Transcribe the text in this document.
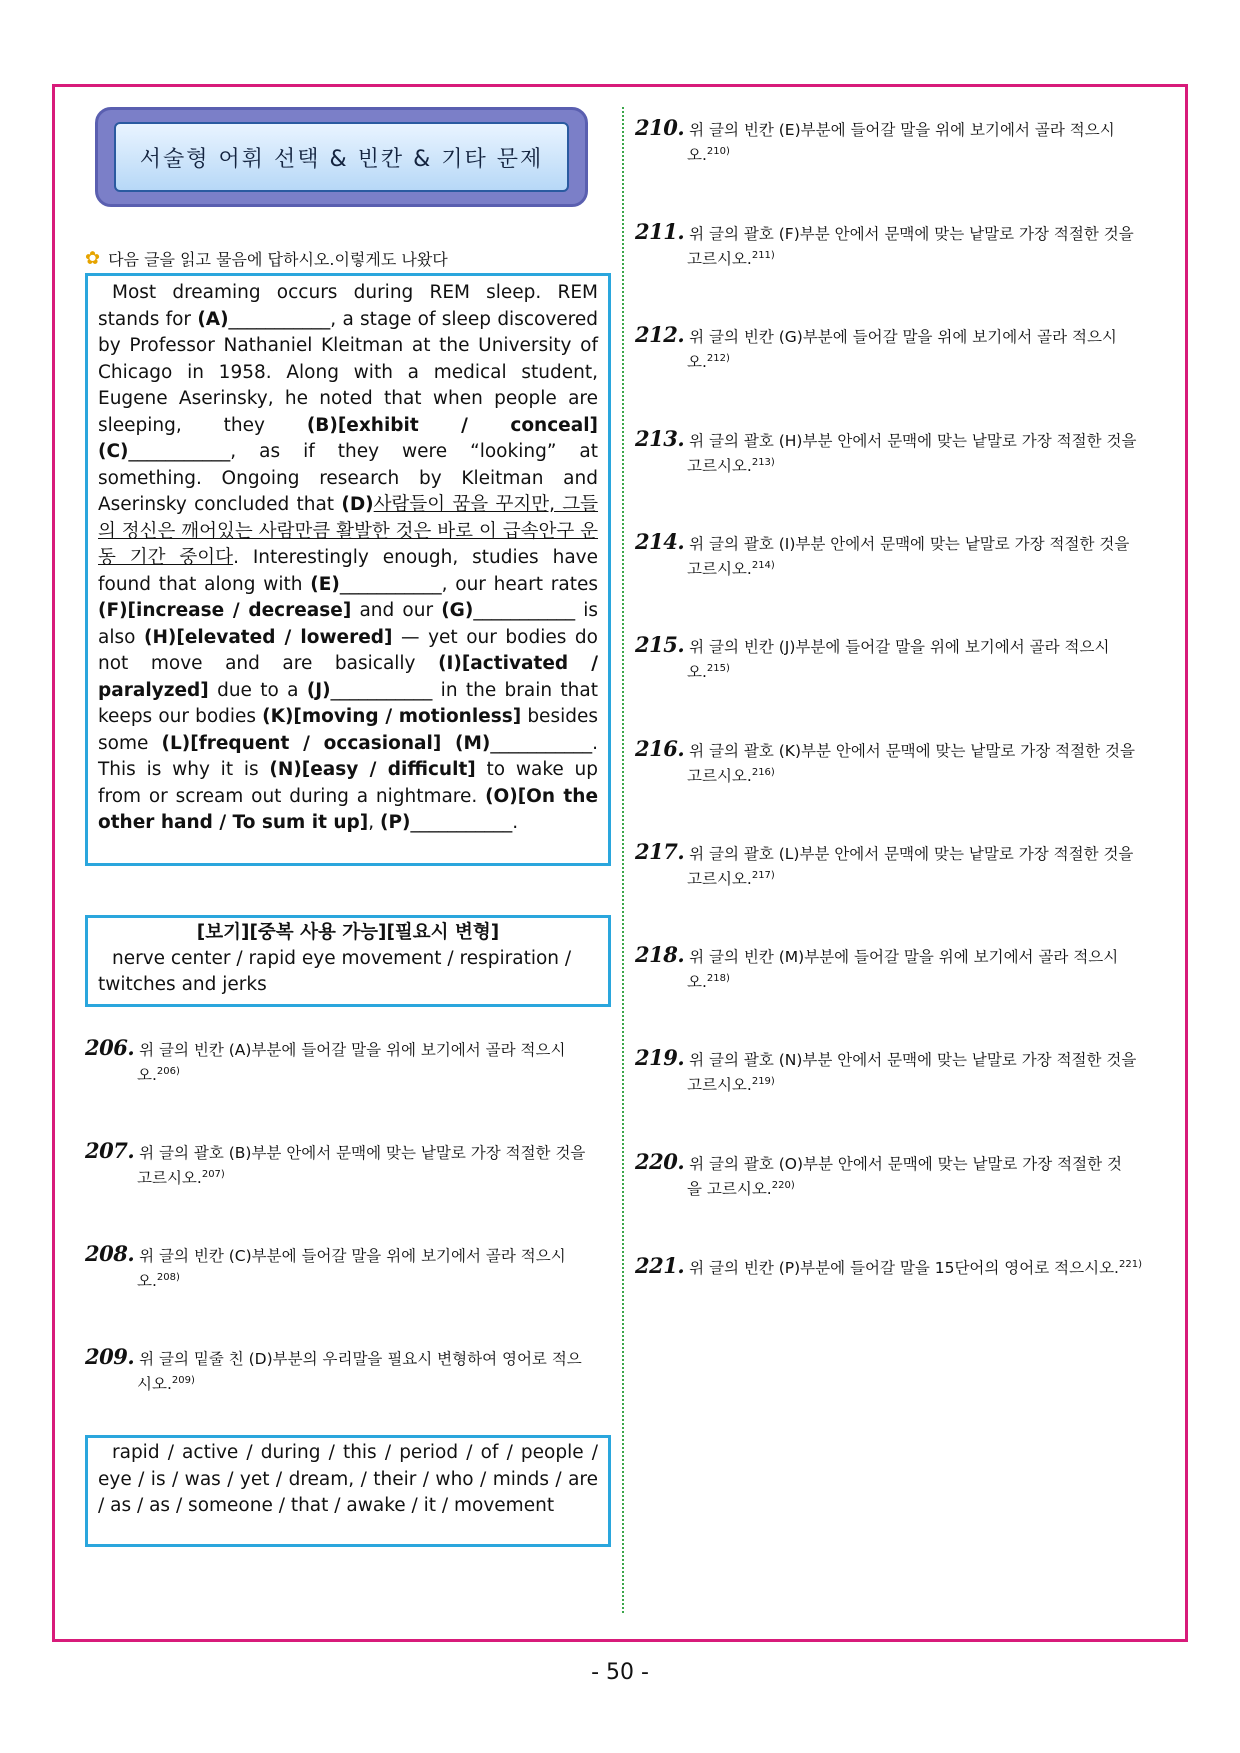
서술형 어휘 선택 & 빈칸 & 기타 문제
✿ 다음 글을 읽고 물음에 답하시오.이렇게도 나왔다

Most dreaming occurs during REM sleep. REM stands for (A)___________, a stage of sleep discovered by Professor Nathaniel Kleitman at the University of Chicago in 1958. Along with a medical student, Eugene Aserinsky, he noted that when people are sleeping, they (B)[exhibit / conceal] (C)___________, as if they were “looking” at something. Ongoing research by Kleitman and Aserinsky concluded that (D)사람들이 꿈을 꾸지만, 그들의 정신은 깨어있는 사람만큼 활발한 것은 바로 이 급속안구 운동 기간 중이다. Interestingly enough, studies have found that along with (E)___________, our heart rates (F)[increase / decrease] and our (G)___________ is also (H)[elevated / lowered] — yet our bodies do not move and are basically (I)[activated / paralyzed] due to a (J)___________ in the brain that keeps our bodies (K)[moving / motionless] besides some (L)[frequent / occasional] (M)___________. This is why it is (N)[easy / difficult] to wake up from or scream out during a nightmare. (O)[On the other hand / To sum it up], (P)___________.

[보기][중복 사용 가능][필요시 변형]
nerve center / rapid eye movement / respiration / twitches and jerks
206. 위 글의 빈칸 (A)부분에 들어갈 말을 위에 보기에서 골라 적으시
오.$^{206)}$
207. 위 글의 괄호 (B)부분 안에서 문맥에 맞는 낱말로 가장 적절한 것을
고르시오.$^{207)}$
208. 위 글의 빈칸 (C)부분에 들어갈 말을 위에 보기에서 골라 적으시
오.$^{208)}$
209. 위 글의 밑줄 친 (D)부분의 우리말을 필요시 변형하여 영어로 적으
시오.$^{209)}$
rapid / active / during / this / period / of / people / eye / is / was / yet / dream, / their / who / minds / are / as / as / someone / that / awake / it / movement
210. 위 글의 빈칸 (E)부분에 들어갈 말을 위에 보기에서 골라 적으시
오.$^{210)}$
211. 위 글의 괄호 (F)부분 안에서 문맥에 맞는 낱말로 가장 적절한 것을
고르시오.$^{211)}$
212. 위 글의 빈칸 (G)부분에 들어갈 말을 위에 보기에서 골라 적으시
오.$^{212)}$
213. 위 글의 괄호 (H)부분 안에서 문맥에 맞는 낱말로 가장 적절한 것을
고르시오.$^{213)}$
214. 위 글의 괄호 (I)부분 안에서 문맥에 맞는 낱말로 가장 적절한 것을
고르시오.$^{214)}$
215. 위 글의 빈칸 (J)부분에 들어갈 말을 위에 보기에서 골라 적으시
오.$^{215)}$
216. 위 글의 괄호 (K)부분 안에서 문맥에 맞는 낱말로 가장 적절한 것을
고르시오.$^{216)}$
217. 위 글의 괄호 (L)부분 안에서 문맥에 맞는 낱말로 가장 적절한 것을
고르시오.$^{217)}$
218. 위 글의 빈칸 (M)부분에 들어갈 말을 위에 보기에서 골라 적으시
오.$^{218)}$
219. 위 글의 괄호 (N)부분 안에서 문맥에 맞는 낱말로 가장 적절한 것을
고르시오.$^{219)}$
220. 위 글의 괄호 (O)부분 안에서 문맥에 맞는 낱말로 가장 적절한 것
을 고르시오.$^{220)}$
221. 위 글의 빈칸 (P)부분에 들어갈 말을 15단어의 영어로 적으시오.$^{221)}$
- 50 -
